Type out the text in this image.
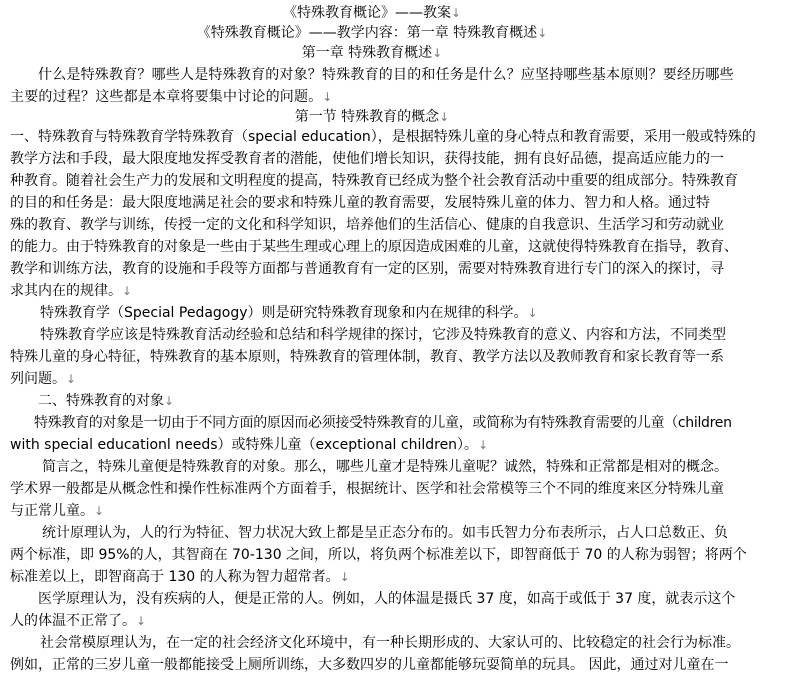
《特殊教育概论》——教案↓
《特殊教育概论》——教学内容：第一章 特殊教育概述↓
第一章 特殊教育概述↓
什么是特殊教育？哪些人是特殊教育的对象？特殊教育的目的和任务是什么？应坚持哪些基本原则？要经历哪些
主要的过程？这些都是本章将要集中讨论的问题。↓
第一节 特殊教育的概念↓
一、特殊教育与特殊教育学特殊教育（special education），是根据特殊儿童的身心特点和教育需要，采用一般或特殊的
教学方法和手段，最大限度地发挥受教育者的潜能，使他们增长知识，获得技能，拥有良好品德，提高适应能力的一
种教育。随着社会生产力的发展和文明程度的提高，特殊教育已经成为整个社会教育活动中重要的组成部分。特殊教育
的目的和任务是：最大限度地满足社会的要求和特殊儿童的教育需要，发展特殊儿童的体力、智力和人格。通过特
殊的教育、教学与训练，传授一定的文化和科学知识，培养他们的生活信心、健康的自我意识、生活学习和劳动就业
的能力。由于特殊教育的对象是一些由于某些生理或心理上的原因造成困难的儿童，这就使得特殊教育在指导，教育、
教学和训练方法，教育的设施和手段等方面都与普通教育有一定的区别，需要对特殊教育进行专门的深入的探讨，寻
求其内在的规律。↓
特殊教育学（Special Pedagogy）则是研究特殊教育现象和内在规律的科学。↓
特殊教育学应该是特殊教育活动经验和总结和科学规律的探讨，它涉及特殊教育的意义、内容和方法，不同类型
特殊儿童的身心特征，特殊教育的基本原则，特殊教育的管理体制，教育、教学方法以及教师教育和家长教育等一系
列问题。↓
二、特殊教育的对象↓
特殊教育的对象是一切由于不同方面的原因而必须接受特殊教育的儿童，或简称为有特殊教育需要的儿童（children
with special educationl needs）或特殊儿童（exceptional children）。↓
简言之，特殊儿童便是特殊教育的对象。那么，哪些儿童才是特殊儿童呢？诚然，特殊和正常都是相对的概念。
学术界一般都是从概念性和操作性标准两个方面着手，根据统计、医学和社会常模等三个不同的维度来区分特殊儿童
与正常儿童。↓
统计原理认为，人的行为特征、智力状况大致上都是呈正态分布的。如韦氏智力分布表所示，占人口总数正、负
两个标准，即 95%的人，其智商在 70-130 之间，所以，将负两个标准差以下，即智商低于 70 的人称为弱智；将两个
标准差以上，即智商高于 130 的人称为智力超常者。↓
医学原理认为，没有疾病的人，便是正常的人。例如，人的体温是摄氏 37 度，如高于或低于 37 度，就表示这个
人的体温不正常了。↓
社会常模原理认为，在一定的社会经济文化环境中，有一种长期形成的、大家认可的、比较稳定的社会行为标准。
例如，正常的三岁儿童一般都能接受上厕所训练，大多数四岁的儿童都能够玩耍简单的玩具。 因此，通过对儿童在一
